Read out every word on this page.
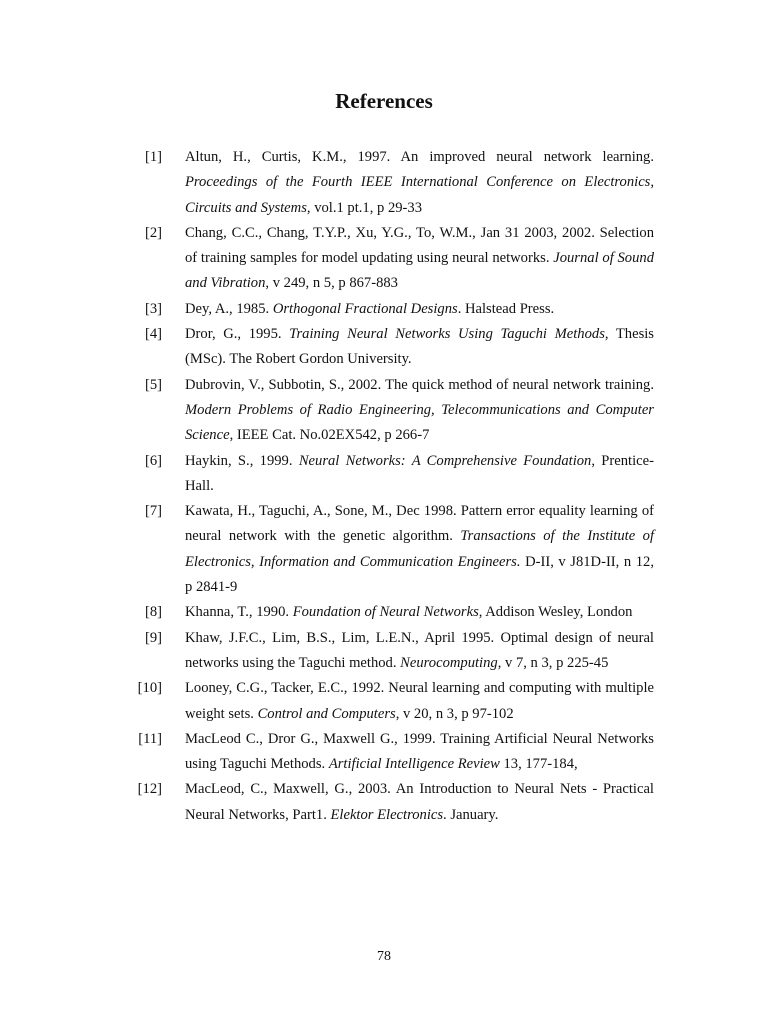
References
[1] Altun, H., Curtis, K.M., 1997. An improved neural network learning. Proceedings of the Fourth IEEE International Conference on Electronics, Circuits and Systems, vol.1 pt.1, p 29-33
[2] Chang, C.C., Chang, T.Y.P., Xu, Y.G., To, W.M., Jan 31 2003, 2002. Selection of training samples for model updating using neural networks. Journal of Sound and Vibration, v 249, n 5, p 867-883
[3] Dey, A., 1985. Orthogonal Fractional Designs. Halstead Press.
[4] Dror, G., 1995. Training Neural Networks Using Taguchi Methods, Thesis (MSc). The Robert Gordon University.
[5] Dubrovin, V., Subbotin, S., 2002. The quick method of neural network training. Modern Problems of Radio Engineering, Telecommunications and Computer Science, IEEE Cat. No.02EX542, p 266-7
[6] Haykin, S., 1999. Neural Networks: A Comprehensive Foundation, Prentice-Hall.
[7] Kawata, H., Taguchi, A., Sone, M., Dec 1998. Pattern error equality learning of neural network with the genetic algorithm. Transactions of the Institute of Electronics, Information and Communication Engineers. D-II, v J81D-II, n 12, p 2841-9
[8] Khanna, T., 1990. Foundation of Neural Networks, Addison Wesley, London
[9] Khaw, J.F.C., Lim, B.S., Lim, L.E.N., April 1995. Optimal design of neural networks using the Taguchi method. Neurocomputing, v 7, n 3, p 225-45
[10] Looney, C.G., Tacker, E.C., 1992. Neural learning and computing with multiple weight sets. Control and Computers, v 20, n 3, p 97-102
[11] MacLeod C., Dror G., Maxwell G., 1999. Training Artificial Neural Networks using Taguchi Methods. Artificial Intelligence Review 13, 177-184,
[12] MacLeod, C., Maxwell, G., 2003. An Introduction to Neural Nets - Practical Neural Networks, Part1. Elektor Electronics. January.
78
